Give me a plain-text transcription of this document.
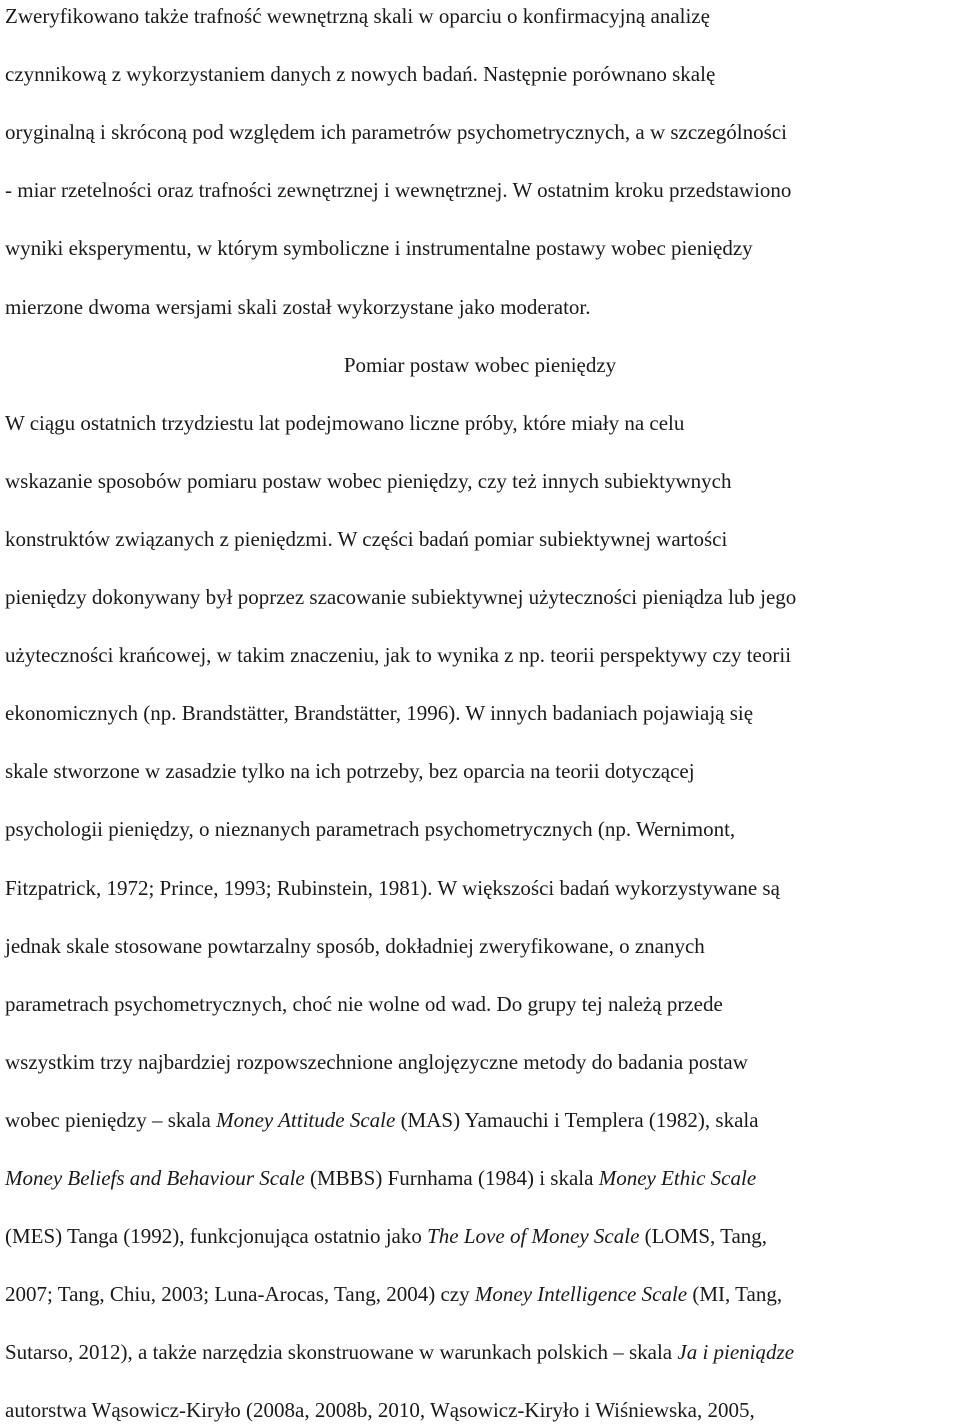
Zweryfikowano także trafność wewnętrzną skali w oparciu o konfirmacyjną analizę
czynnikową z wykorzystaniem danych z nowych badań. Następnie porównano skalę
oryginalną i skróconą pod względem ich parametrów psychometrycznych, a w szczególności
- miar rzetelności oraz trafności zewnętrznej i wewnętrznej. W ostatnim kroku przedstawiono
wyniki eksperymentu, w którym symboliczne i instrumentalne postawy wobec pieniędzy
mierzone dwoma wersjami skali został wykorzystane jako moderator.
Pomiar postaw wobec pieniędzy
W ciągu ostatnich trzydziestu lat podejmowano liczne próby, które miały na celu
wskazanie sposobów pomiaru postaw wobec pieniędzy, czy też innych subiektywnych
konstruktów związanych z pieniędzmi. W części badań pomiar subiektywnej wartości
pieniędzy dokonywany był poprzez szacowanie subiektywnej użyteczności pieniądza lub jego
użyteczności krańcowej, w takim znaczeniu, jak to wynika z np. teorii perspektywy czy teorii
ekonomicznych (np. Brandstätter, Brandstätter, 1996). W innych badaniach pojawiają się
skale stworzone w zasadzie tylko na ich potrzeby, bez oparcia na teorii dotyczącej
psychologii pieniędzy, o nieznanych parametrach psychometrycznych (np. Wernimont,
Fitzpatrick, 1972; Prince, 1993; Rubinstein, 1981). W większości badań wykorzystywane są
jednak skale stosowane powtarzalny sposób, dokładniej zweryfikowane, o znanych
parametrach psychometrycznych, choć nie wolne od wad. Do grupy tej należą przede
wszystkim trzy najbardziej rozpowszechnione anglojęzyczne metody do badania postaw
wobec pieniędzy – skala Money Attitude Scale (MAS) Yamauchi i Templera (1982), skala
Money Beliefs and Behaviour Scale (MBBS) Furnhama (1984) i skala Money Ethic Scale
(MES) Tanga (1992), funkcjonująca ostatnio jako The Love of Money Scale (LOMS, Tang,
2007; Tang, Chiu, 2003; Luna-Arocas, Tang, 2004) czy Money Intelligence Scale (MI, Tang,
Sutarso, 2012), a także narzędzia skonstruowane w warunkach polskich – skala Ja i pieniądze
autorstwa Wąsowicz-Kiryło (2008a, 2008b, 2010, Wąsowicz-Kiryło i Wiśniewska, 2005,
